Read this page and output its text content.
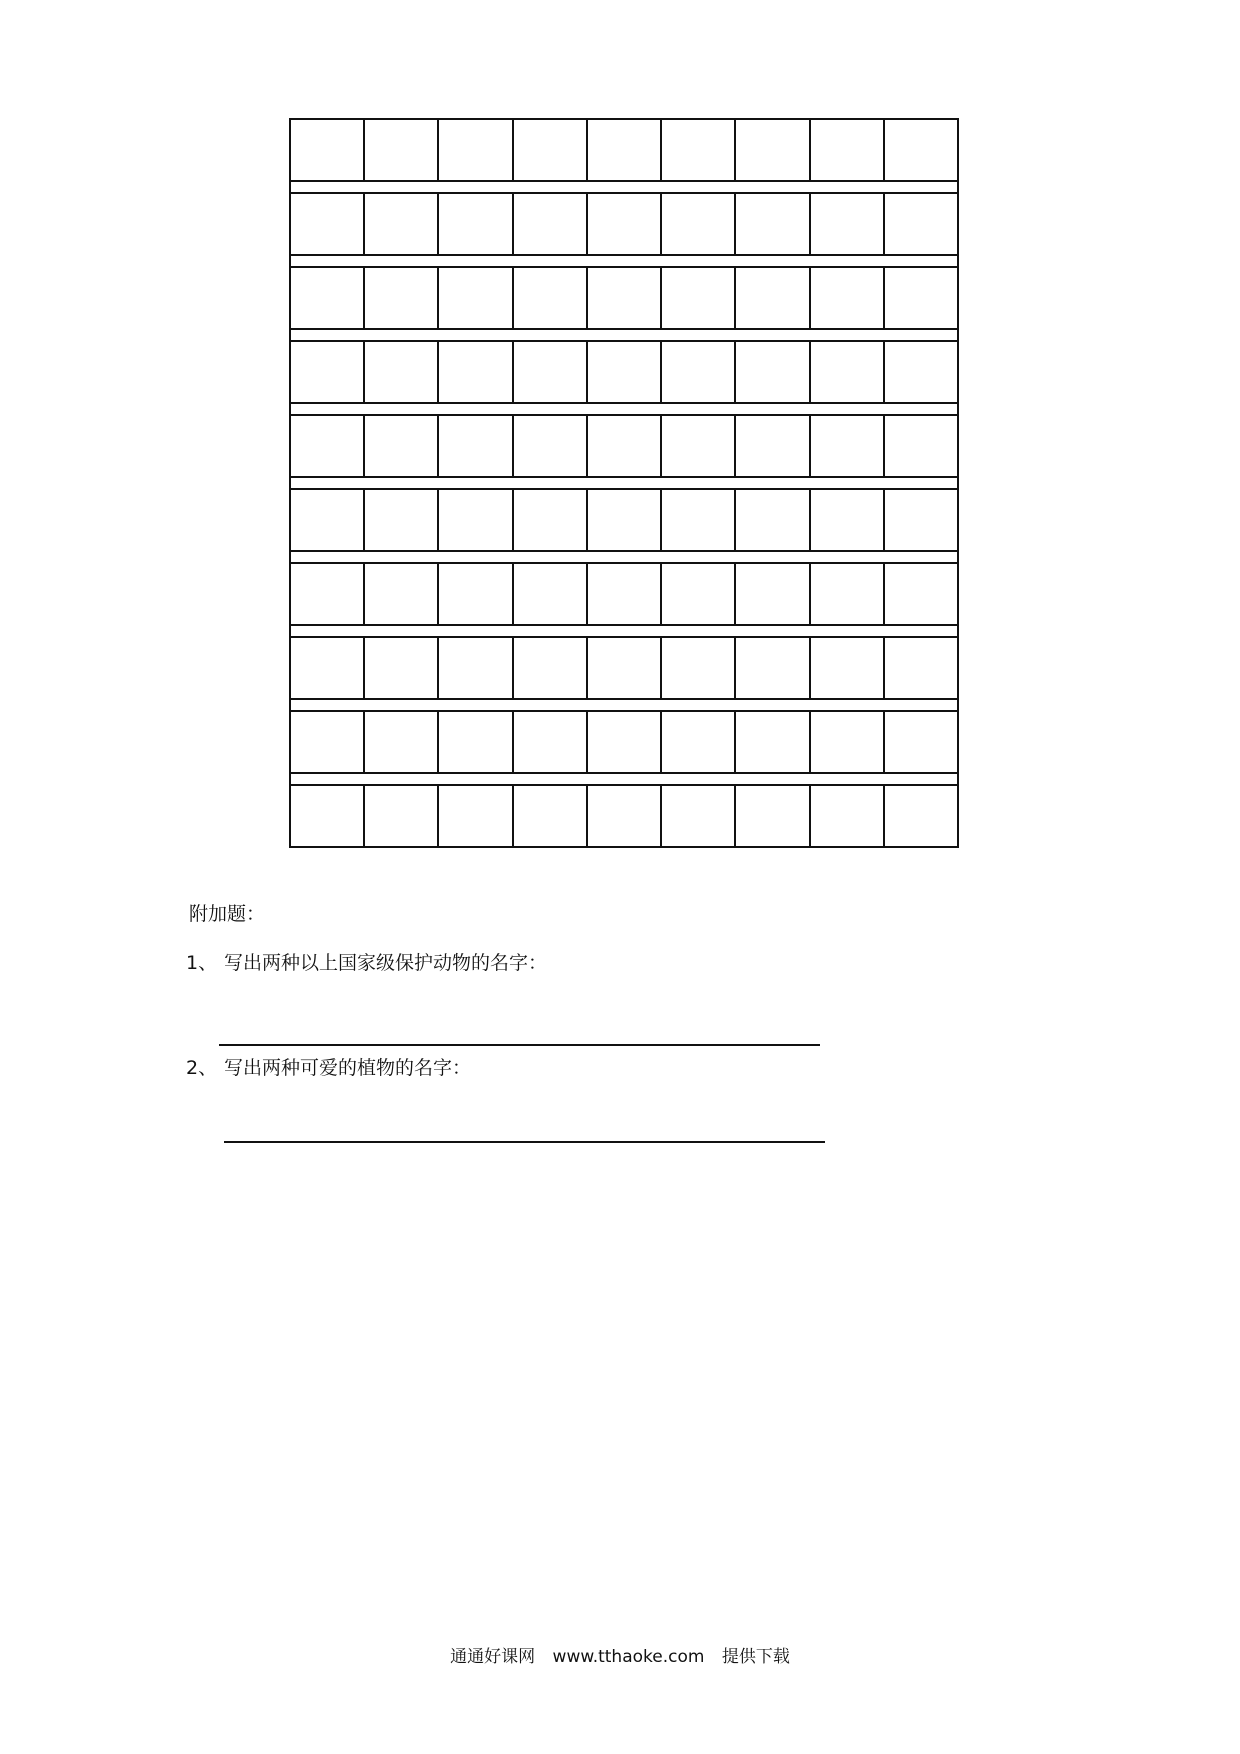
附加题：
1、 写出两种以上国家级保护动物的名字：
2、 写出两种可爱的植物的名字：
通通好课网 www.tthaoke.com 提供下载
